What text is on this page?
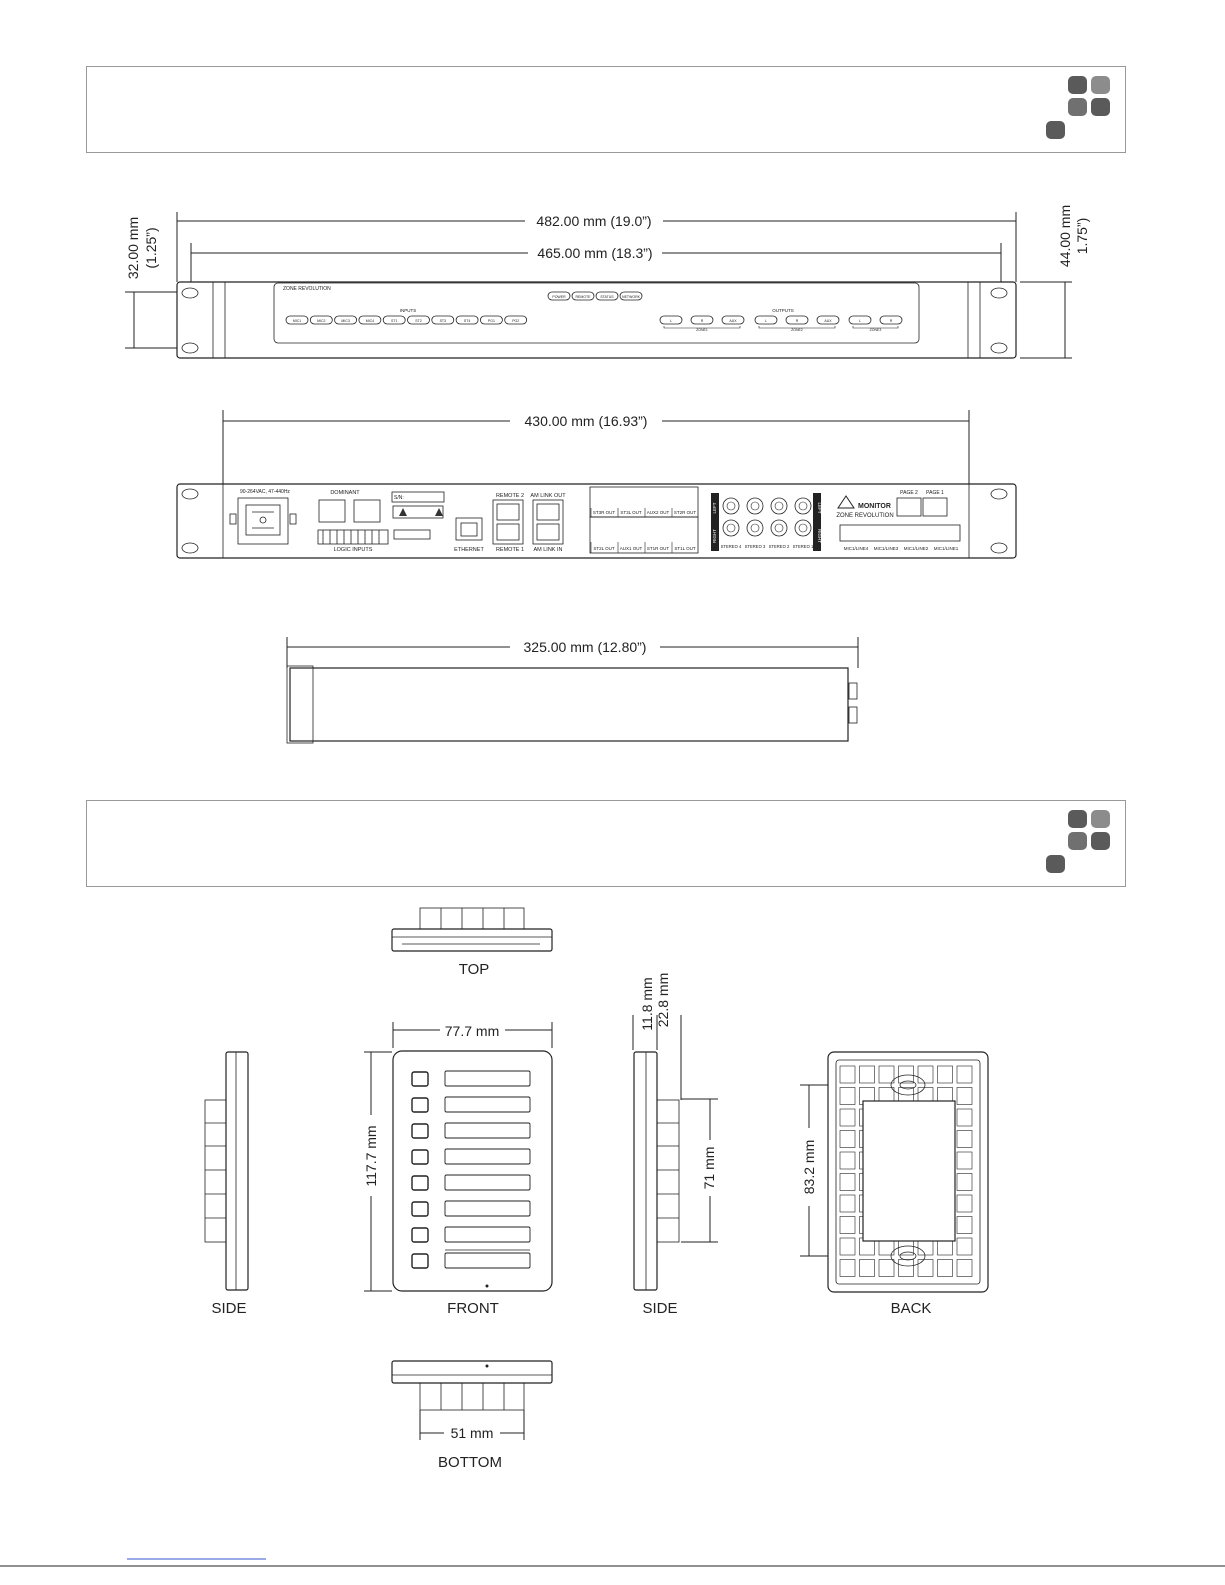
482.00 mm (19.0”)
465.00 mm (18.3”)
32.00 mm (1.25”)	44.00 mm 1.75”)
ZONE REVOLUTION
INPUTS	OUTPUTS
POWER	REMOTE	STATUS NETWORK
MIC1	MIC2	MIC3	MIC4	ST1	ST2	ST3	ST4	PG1	PG2	L	R	AUX
ZONE1
L	R	AUX
ZONE2
L	R
ZONE3
430.00 mm (16.93”)
90-264VAC, 47-440Hz	DOMINANT
LOGIC INPUTS
S/N:
ETHERNET
REMOTE 2
REMOTE 1
AM LINK OUT
AM LINK IN
ST3R OUT ST3L OUT AUX2 OUT ST2R OUT
ST2L OUT AUX1 OUT ST1R OUT ST1L OUT
LEFT
RIGHT
LEFT
RIGHT
STEREO 4 STEREO 3 STEREO 2 STEREO 1
MONITOR
ZONE REVOLUTION
PAGE 2 PAGE 1
MIC1/LINE4 MIC1/LINE3 MIC1/LINE2 MIC1/LINE1
325.00 mm (12.80”)
TOP
SIDE
77.7 mm
117.7 mm
FRONT
11.8 mm 22.8 mm
71 mm
SIDE
83.2 mm
BACK
51 mm
BOTTOM
